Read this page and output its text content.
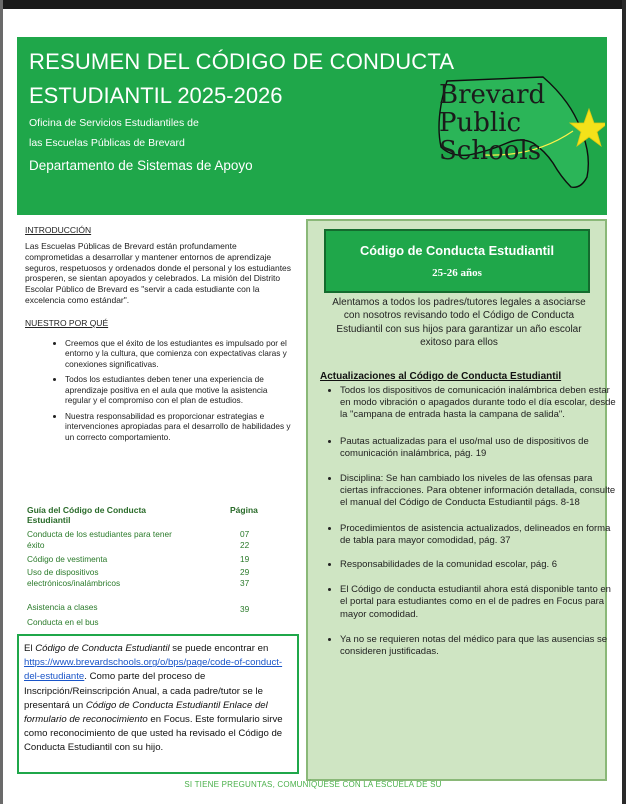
RESUMEN DEL CÓDIGO DE CONDUCTA
ESTUDIANTIL 2025-2026
Oficina de Servicios Estudiantiles de
las Escuelas Públicas de Brevard
Departamento de Sistemas de Apoyo
Brevard
Public
Schools
INTRODUCCIÓN
Las Escuelas Públicas de Brevard están profundamente comprometidas a desarrollar y mantener entornos de aprendizaje seguros, respetuosos y ordenados donde el personal y los estudiantes prosperen, se sientan apoyados y celebrados. La misión del Distrito Escolar Público de Brevard es "servir a cada estudiante con la excelencia como estándar".
NUESTRO POR QUÉ
• Creemos que el éxito de los estudiantes es impulsado por el entorno y la cultura, que comienza con expectativas claras y conexiones significativas.
• Todos los estudiantes deben tener una experiencia de aprendizaje positiva en el aula que motive la asistencia regular y el compromiso con el plan de estudios.
• Nuestra responsabilidad es proporcionar estrategias e intervenciones apropiadas para el desarrollo de habilidades y un correcto comportamiento.
Guía del Código de Conducta Estudiantil
Página
Conducta de los estudiantes para tener éxito
07
22
Código de vestimenta	19
Uso de dispositivos electrónicos/inalámbricos
29
37
Asistencia a clases	39
Conducta en el bus
El Código de Conducta Estudiantil se puede encontrar en https://www.brevardschools.org/o/bps/page/code-of-conduct-del-estudiante. Como parte del proceso de Inscripción/Reinscripción Anual, a cada padre/tutor se le presentará un Código de Conducta Estudiantil Enlace del formulario de reconocimiento en Focus. Este formulario sirve como reconocimiento de que usted ha revisado el Código de Conducta Estudiantil con su hijo.
Código de Conducta Estudiantil
25-26 años
Alentamos a todos los padres/tutores legales a asociarse con nosotros revisando todo el Código de Conducta Estudiantil con sus hijos para garantizar un año escolar exitoso para ellos
Actualizaciones al Código de Conducta Estudiantil
• Todos los dispositivos de comunicación inalámbrica deben estar en modo vibración o apagados durante todo el día escolar, desde la "campana de entrada hasta la campana de salida".
• Pautas actualizadas para el uso/mal uso de dispositivos de comunicación inalámbrica, pág. 19
• Disciplina: Se han cambiado los niveles de las ofensas para ciertas infracciones. Para obtener información detallada, consulte el manual del Código de Conducta Estudiantil págs. 8-18
• Procedimientos de asistencia actualizados, delineados en forma de tabla para mayor comodidad, pág. 37
• Responsabilidades de la comunidad escolar, pág. 6
• El Código de conducta estudiantil ahora está disponible tanto en el portal para estudiantes como en el de padres en Focus para mayor comodidad.
• Ya no se requieren notas del médico para que las ausencias se consideren justificadas.
SI TIENE PREGUNTAS, COMUNÍQUESE CON LA ESCUELA DE SU
